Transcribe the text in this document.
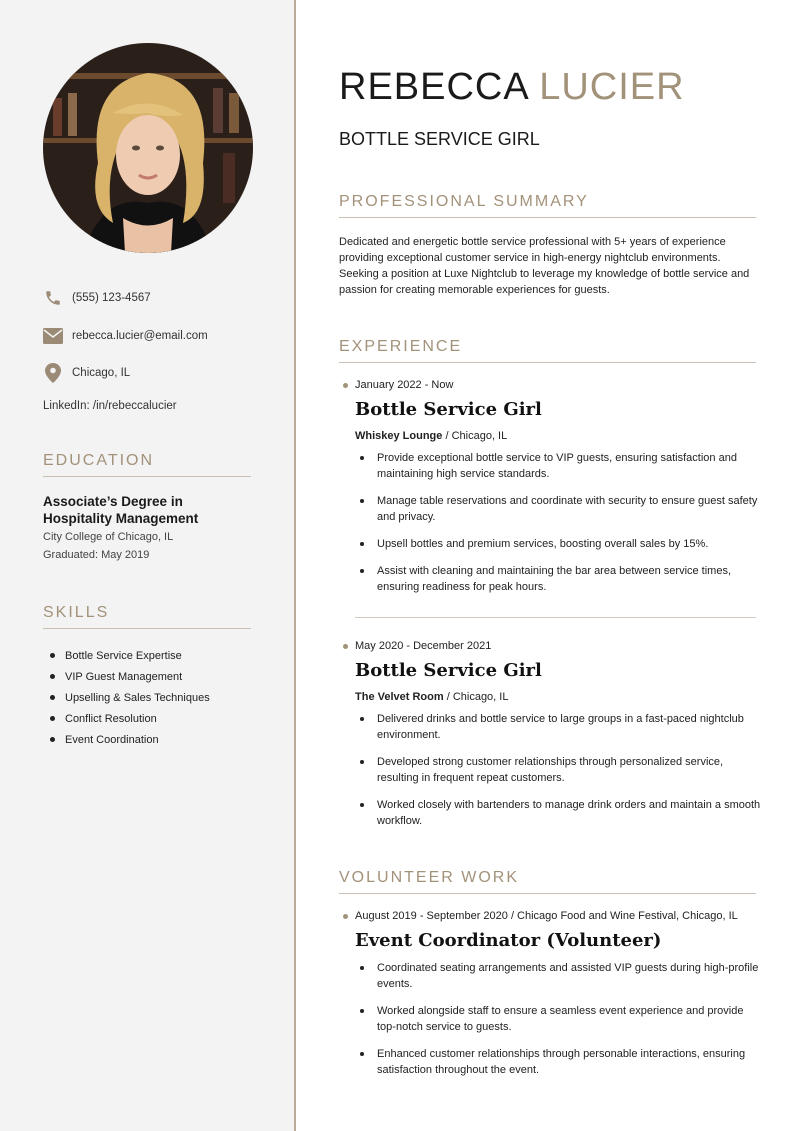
(555) 123-4567
rebecca.lucier@email.com
Chicago, IL
LinkedIn: /in/rebeccalucier
EDUCATION
Associate’s Degree in Hospitality Management
City College of Chicago, IL
Graduated: May 2019
SKILLS
Bottle Service Expertise
VIP Guest Management
Upselling & Sales Techniques
Conflict Resolution
Event Coordination
REBECCA LUCIER
BOTTLE SERVICE GIRL
PROFESSIONAL SUMMARY
Dedicated and energetic bottle service professional with 5+ years of experience providing exceptional customer service in high-energy nightclub environments. Seeking a position at Luxe Nightclub to leverage my knowledge of bottle service and passion for creating memorable experiences for guests.
EXPERIENCE
January 2022 - Now
Bottle Service Girl
Whiskey Lounge / Chicago, IL
Provide exceptional bottle service to VIP guests, ensuring satisfaction and maintaining high service standards.
Manage table reservations and coordinate with security to ensure guest safety and privacy.
Upsell bottles and premium services, boosting overall sales by 15%.
Assist with cleaning and maintaining the bar area between service times, ensuring readiness for peak hours.
May 2020 - December 2021
Bottle Service Girl
The Velvet Room / Chicago, IL
Delivered drinks and bottle service to large groups in a fast-paced nightclub environment.
Developed strong customer relationships through personalized service, resulting in frequent repeat customers.
Worked closely with bartenders to manage drink orders and maintain a smooth workflow.
VOLUNTEER WORK
August 2019 - September 2020 / Chicago Food and Wine Festival, Chicago, IL
Event Coordinator (Volunteer)
Coordinated seating arrangements and assisted VIP guests during high-profile events.
Worked alongside staff to ensure a seamless event experience and provide top-notch service to guests.
Enhanced customer relationships through personable interactions, ensuring satisfaction throughout the event.
